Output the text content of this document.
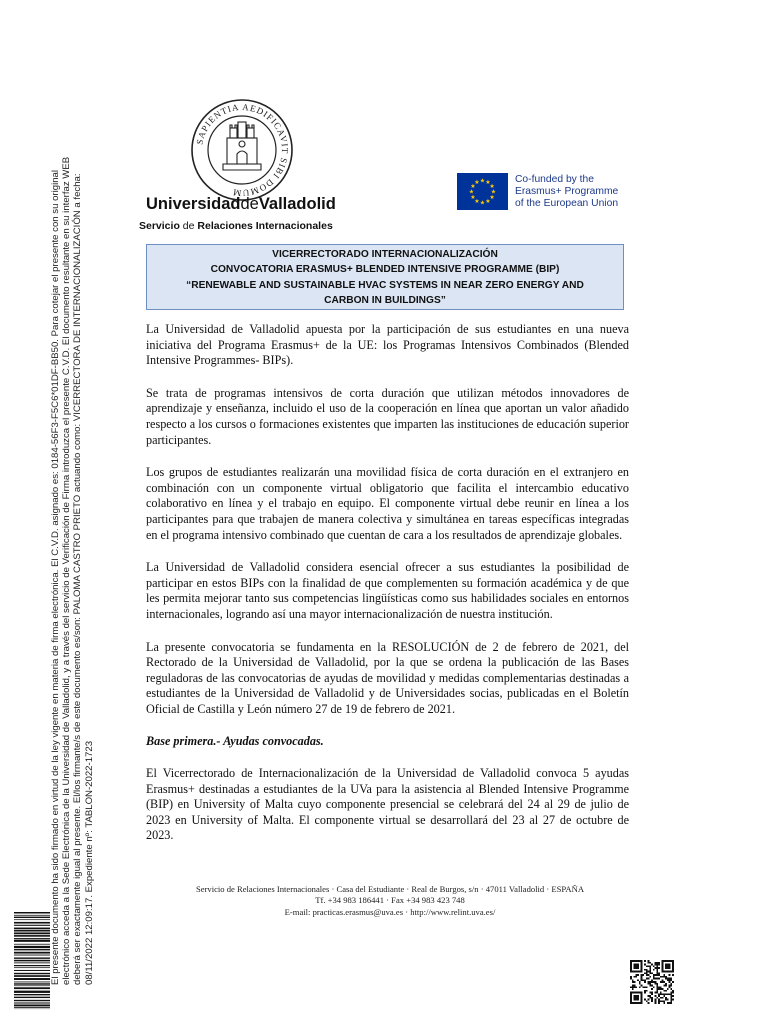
El presente documento ha sido firmado en virtud de la ley vigente en materia de firma electrónica. El C.V.D. asignado es: 0184-56F3-F5C6*01DF-BB50. Para cotejar el presente con su original electrónico acceda a la Sede Electrónica de la Universidad de Valladolid, y a través del servicio de Verificación de Firma introduzca el presente C.V.D. El documento resultante en su interfaz WEB deberá ser exactamente igual al presente. El/los firmante/s de este documento es/son: PALOMA CASTRO PRIETO actuando como: VICERRECTORA DE INTERNACIONALIZACIÓN a fecha: 08/11/2022 12:09:17. Expediente nº: TABLON-2022-1723
SAPIENTIA AEDIFICAVIT SIBI DOMUM
UniversidaddeValladolid
Servicio de Relaciones Internacionales
★
★
★
★
★
★
★
★
★ ★ ★
★
Co-funded by the
Erasmus+ Programme
of the European Union
VICERRECTORADO INTERNACIONALIZACIÓN
CONVOCATORIA ERASMUS+ BLENDED INTENSIVE PROGRAMME (BIP)
“RENEWABLE AND SUSTAINABLE HVAC SYSTEMS IN NEAR ZERO ENERGY AND
CARBON IN BUILDINGS”

La Universidad de Valladolid apuesta por la participación de sus estudiantes en una nueva iniciativa del Programa Erasmus+ de la UE: los Programas Intensivos Combinados (Blended Intensive Programmes- BIPs).

Se trata de programas intensivos de corta duración que utilizan métodos innovadores de aprendizaje y enseñanza, incluido el uso de la cooperación en línea que aportan un valor añadido respecto a los cursos o formaciones existentes que imparten las instituciones de educación superior participantes.

Los grupos de estudiantes realizarán una movilidad física de corta duración en el extranjero en combinación con un componente virtual obligatorio que facilita el intercambio educativo colaborativo en línea y el trabajo en equipo. El componente virtual debe reunir en línea a los participantes para que trabajen de manera colectiva y simultánea en tareas específicas integradas en el programa intensivo combinado que cuentan de cara a los resultados de aprendizaje globales.

La Universidad de Valladolid considera esencial ofrecer a sus estudiantes la posibilidad de participar en estos BIPs con la finalidad de que complementen su formación académica y de que les permita mejorar tanto sus competencias lingüísticas como sus habilidades sociales en entornos internacionales, logrando así una mayor internacionalización de nuestra institución.

La presente convocatoria se fundamenta en la RESOLUCIÓN de 2 de febrero de 2021, del Rectorado de la Universidad de Valladolid, por la que se ordena la publicación de las Bases reguladoras de las convocatorias de ayudas de movilidad y medidas complementarias destinadas a estudiantes de la Universidad de Valladolid y de Universidades socias, publicadas en el Boletín Oficial de Castilla y León número 27 de 19 de febrero de 2021.

Base primera.- Ayudas convocadas.

El Vicerrectorado de Internacionalización de la Universidad de Valladolid convoca 5 ayudas Erasmus+ destinadas a estudiantes de la UVa para la asistencia al Blended Intensive Programme (BIP) en University of Malta cuyo componente presencial se celebrará del 24 al 29 de julio de 2023 en University of Malta. El componente virtual se desarrollará del 23 al 27 de octubre de 2023.

Servicio de Relaciones Internacionales · Casa del Estudiante · Real de Burgos, s/n · 47011 Valladolid · ESPAÑA
Tf. +34 983 186441 · Fax +34 983 423 748
E-mail: practicas.erasmus@uva.es · http://www.relint.uva.es/
